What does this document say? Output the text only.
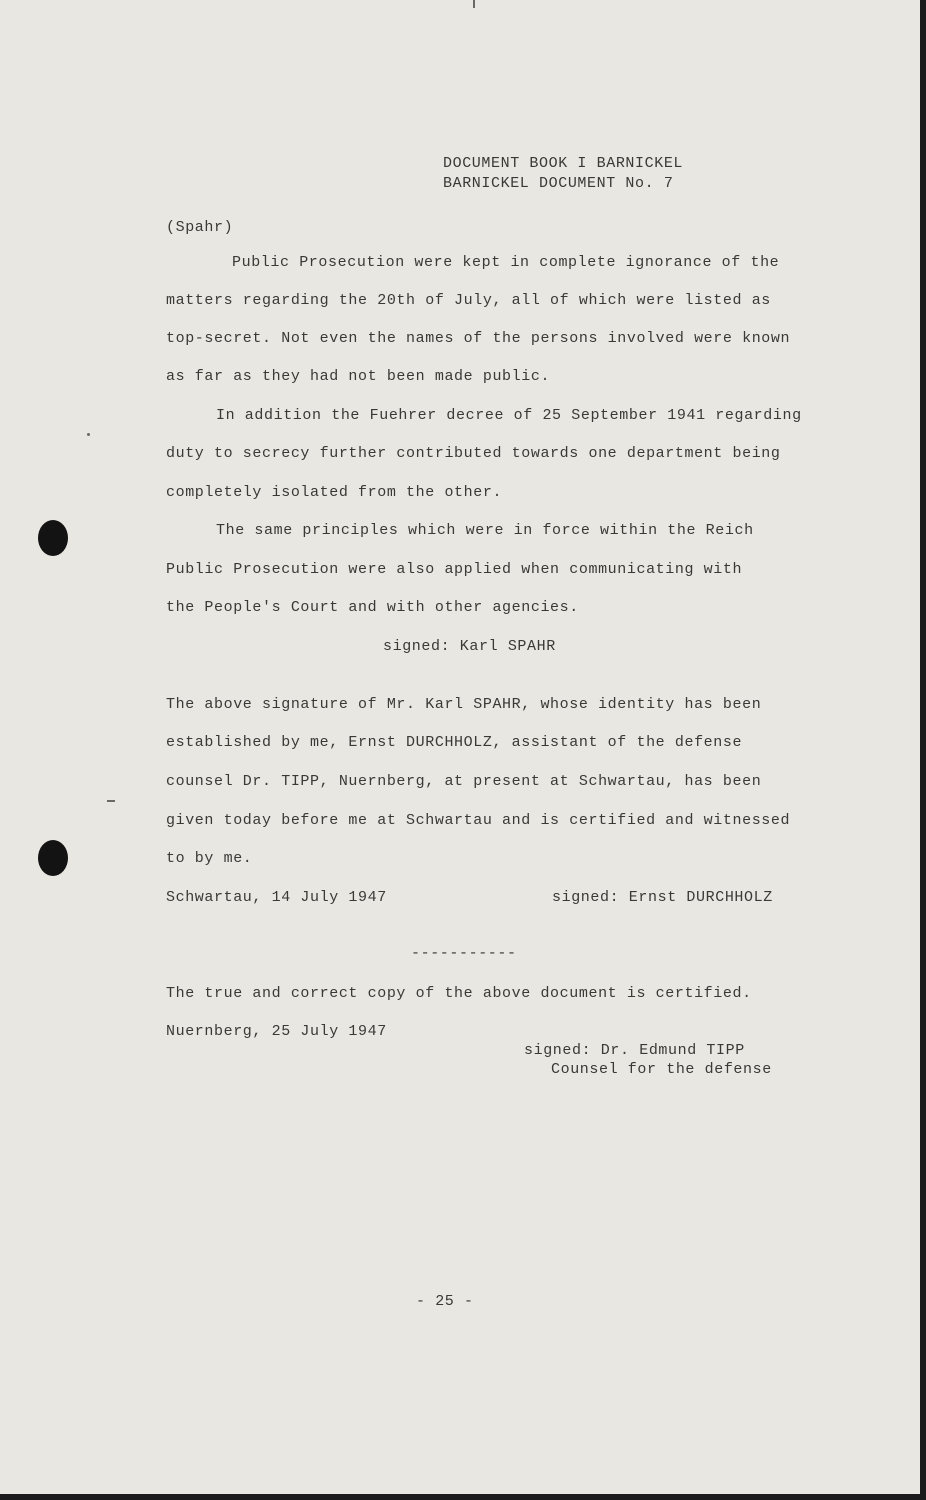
DOCUMENT BOOK I BARNICKEL
BARNICKEL DOCUMENT No. 7
(Spahr)
Public Prosecution were kept in complete ignorance of the
matters regarding the 20th of July, all of which were listed as
top-secret. Not even the names of the persons involved were known
as far as they had not been made public.
In addition the Fuehrer decree of 25 September 1941 regarding
duty to secrecy further contributed towards one department being
completely isolated from the other.
The same principles which were in force within the Reich
Public Prosecution were also applied when communicating with
the People's Court and with other agencies.
signed: Karl SPAHR
The above signature of Mr. Karl SPAHR, whose identity has been
established by me, Ernst DURCHHOLZ, assistant of the defense
counsel Dr. TIPP, Nuernberg, at present at Schwartau, has been
given today before me at Schwartau and is certified and witnessed
to by me.
Schwartau, 14 July 1947	signed: Ernst DURCHHOLZ
-----------
The true and correct copy of the above document is certified.
Nuernberg, 25 July 1947
signed: Dr. Edmund TIPP
Counsel for the defense
- 25 -
